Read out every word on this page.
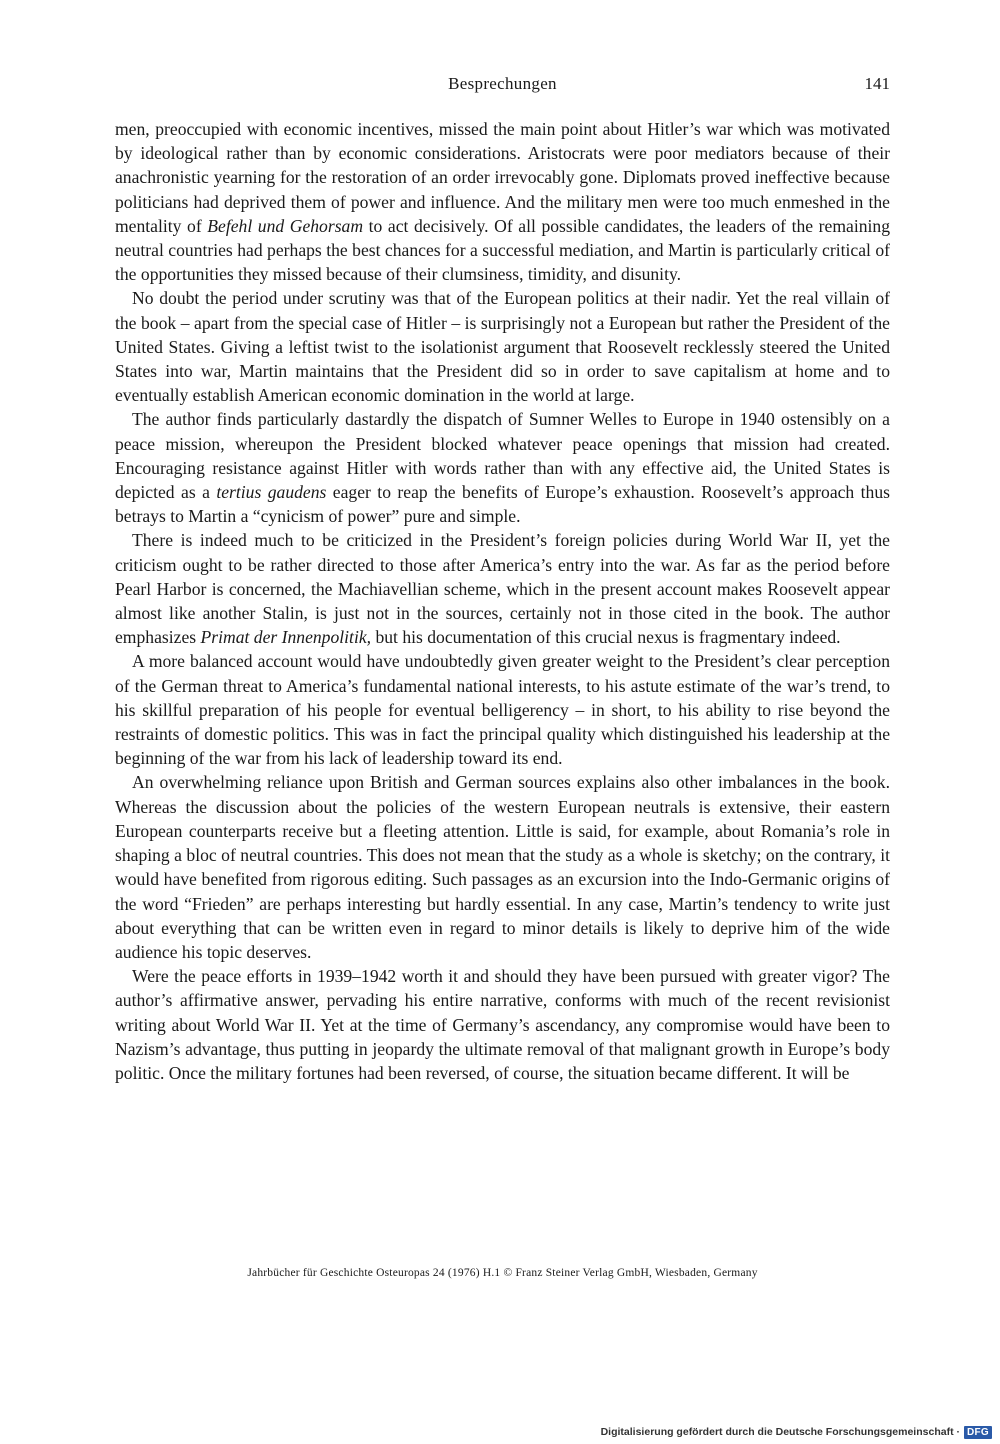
Besprechungen	141

men, preoccupied with economic incentives, missed the main point about Hitler’s war which was motivated by ideological rather than by economic considerations. Aristocrats were poor mediators because of their anachronistic yearning for the restoration of an order irrevocably gone. Diplomats proved ineffective because politicians had deprived them of power and influence. And the military men were too much enmeshed in the mentality of Befehl und Gehorsam to act decisively. Of all possible candidates, the leaders of the remaining neutral countries had perhaps the best chances for a successful mediation, and Martin is particularly critical of the opportunities they missed because of their clumsiness, timidity, and disunity.

No doubt the period under scrutiny was that of the European politics at their nadir. Yet the real villain of the book – apart from the special case of Hitler – is surprisingly not a European but rather the President of the United States. Giving a leftist twist to the isolationist argument that Roosevelt recklessly steered the United States into war, Martin maintains that the President did so in order to save capitalism at home and to eventually establish American economic domination in the world at large.

The author finds particularly dastardly the dispatch of Sumner Welles to Europe in 1940 ostensibly on a peace mission, whereupon the President blocked whatever peace openings that mission had created. Encouraging resistance against Hitler with words rather than with any effective aid, the United States is depicted as a tertius gaudens eager to reap the benefits of Europe’s exhaustion. Roosevelt’s approach thus betrays to Martin a “cynicism of power” pure and simple.

There is indeed much to be criticized in the President’s foreign policies during World War II, yet the criticism ought to be rather directed to those after America’s entry into the war. As far as the period before Pearl Harbor is concerned, the Machiavellian scheme, which in the present account makes Roosevelt appear almost like another Stalin, is just not in the sources, certainly not in those cited in the book. The author emphasizes Primat der Innenpolitik, but his documentation of this crucial nexus is fragmentary indeed.

A more balanced account would have undoubtedly given greater weight to the President’s clear perception of the German threat to America’s fundamental national interests, to his astute estimate of the war’s trend, to his skillful preparation of his people for eventual belligerency – in short, to his ability to rise beyond the restraints of domestic politics. This was in fact the principal quality which distinguished his leadership at the beginning of the war from his lack of leadership toward its end.

An overwhelming reliance upon British and German sources explains also other imbalances in the book. Whereas the discussion about the policies of the western European neutrals is extensive, their eastern European counterparts receive but a fleeting attention. Little is said, for example, about Romania’s role in shaping a bloc of neutral countries. This does not mean that the study as a whole is sketchy; on the contrary, it would have benefited from rigorous editing. Such passages as an excursion into the Indo-Germanic origins of the word “Frieden” are perhaps interesting but hardly essential. In any case, Martin’s tendency to write just about everything that can be written even in regard to minor details is likely to deprive him of the wide audience his topic deserves.

Were the peace efforts in 1939–1942 worth it and should they have been pursued with greater vigor? The author’s affirmative answer, pervading his entire narrative, conforms with much of the recent revisionist writing about World War II. Yet at the time of Germany’s ascendancy, any compromise would have been to Nazism’s advantage, thus putting in jeopardy the ultimate removal of that malignant growth in Europe’s body politic. Once the military fortunes had been reversed, of course, the situation became different. It will be

Jahrbücher für Geschichte Osteuropas 24 (1976) H.1 © Franz Steiner Verlag GmbH, Wiesbaden, Germany
Digitalisierung gefördert durch die Deutsche Forschungsgemeinschaft · DFG
